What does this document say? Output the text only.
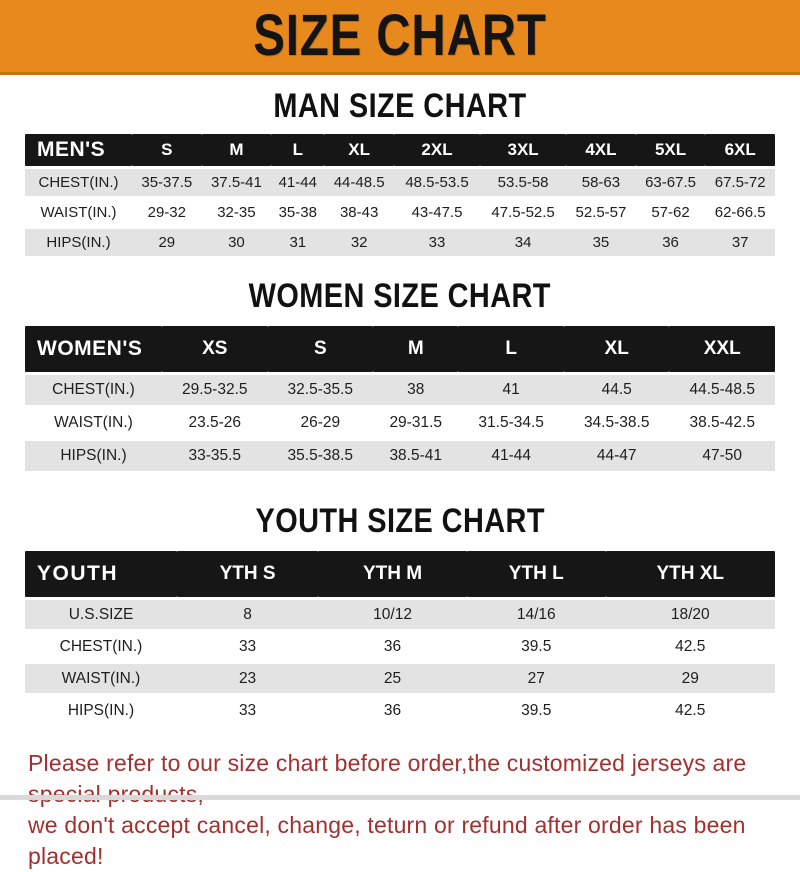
SIZE CHART
MAN SIZE CHART
MEN'S	S	M	L	XL	2XL	3XL	4XL	5XL	6XL
CHEST(IN.)	35-37.5	37.5-41	41-44	44-48.5	48.5-53.5	53.5-58	58-63	63-67.5	67.5-72
WAIST(IN.)	29-32	32-35	35-38	38-43	43-47.5	47.5-52.5	52.5-57	57-62	62-66.5
HIPS(IN.)	29	30	31	32	33	34	35	36	37
WOMEN SIZE CHART
WOMEN'S	XS	S	M	L	XL	XXL
CHEST(IN.)	29.5-32.5	32.5-35.5	38	41	44.5	44.5-48.5
WAIST(IN.)	23.5-26	26-29	29-31.5	31.5-34.5	34.5-38.5	38.5-42.5
HIPS(IN.)	33-35.5	35.5-38.5	38.5-41	41-44	44-47	47-50
YOUTH SIZE CHART
YOUTH	YTH S	YTH M	YTH L	YTH XL
U.S.SIZE	8	10/12	14/16	18/20
CHEST(IN.)	33	36	39.5	42.5
WAIST(IN.)	23	25	27	29
HIPS(IN.)	33	36	39.5	42.5
Please refer to our size chart before order,the customized jerseys are
we don't accept cancel, change, teturn or refund after order has been placed!
